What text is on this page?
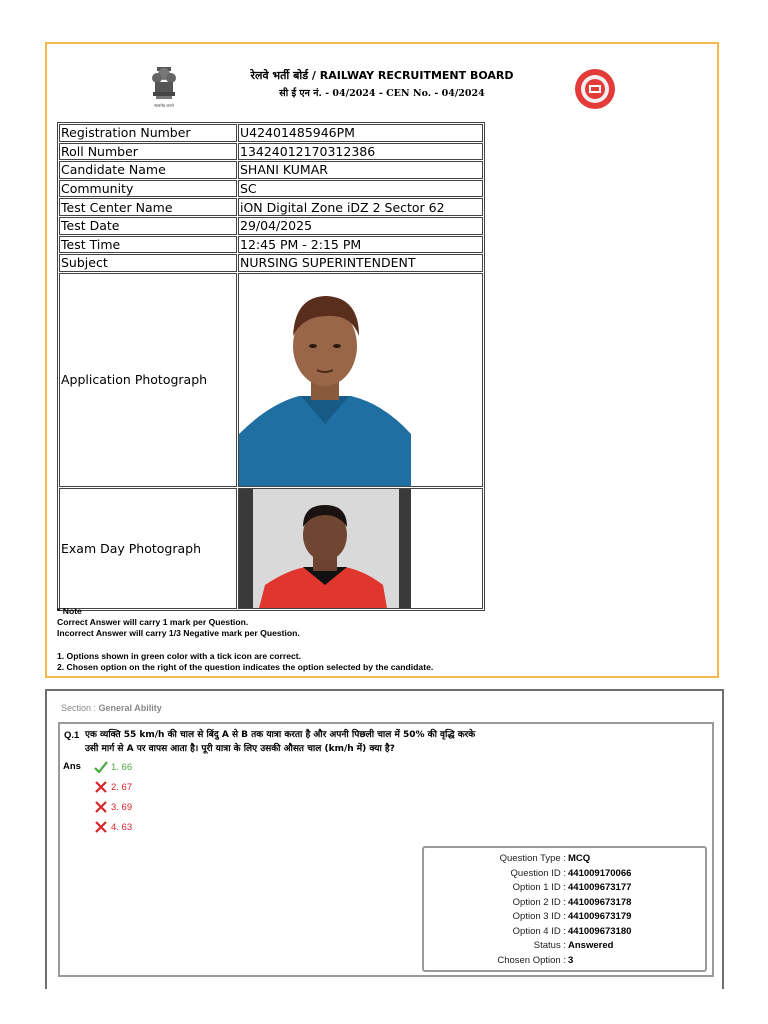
सत्यमेव जयते
रेलवे भर्ती बोर्ड / RAILWAY RECRUITMENT BOARD
सी ई एन नं. - 04/2024 - CEN No. - 04/2024
Registration Number	U42401485946PM
Roll Number	13424012170312386
Candidate Name	SHANI KUMAR
Community	SC
Test Center Name	iON Digital Zone iDZ 2 Sector 62
Test Date	29/04/2025
Test Time	12:45 PM - 2:15 PM
Subject	NURSING SUPERINTENDENT
Application Photograph	

Exam Day Photograph	
* Note
Correct Answer will carry 1 mark per Question.
Incorrect Answer will carry 1/3 Negative mark per Question.
1. Options shown in green color with a tick icon are correct.
2. Chosen option on the right of the question indicates the option selected by the candidate.
Section : General Ability
Q.1 एक व्यक्ति 55 km/h की चाल से बिंदु A से B तक यात्रा करता है और अपनी पिछली चाल में 50% की वृद्धि करके
उसी मार्ग से A पर वापस आता है। पूरी यात्रा के लिए उसकी औसत चाल (km/h में) क्या है?
Ans	1. 66
2. 67
3. 69
4. 63
Question Type : MCQ
Question ID : 441009170066
Option 1 ID : 441009673177
Option 2 ID : 441009673178
Option 3 ID : 441009673179
Option 4 ID : 441009673180
Status : Answered
Chosen Option : 3
